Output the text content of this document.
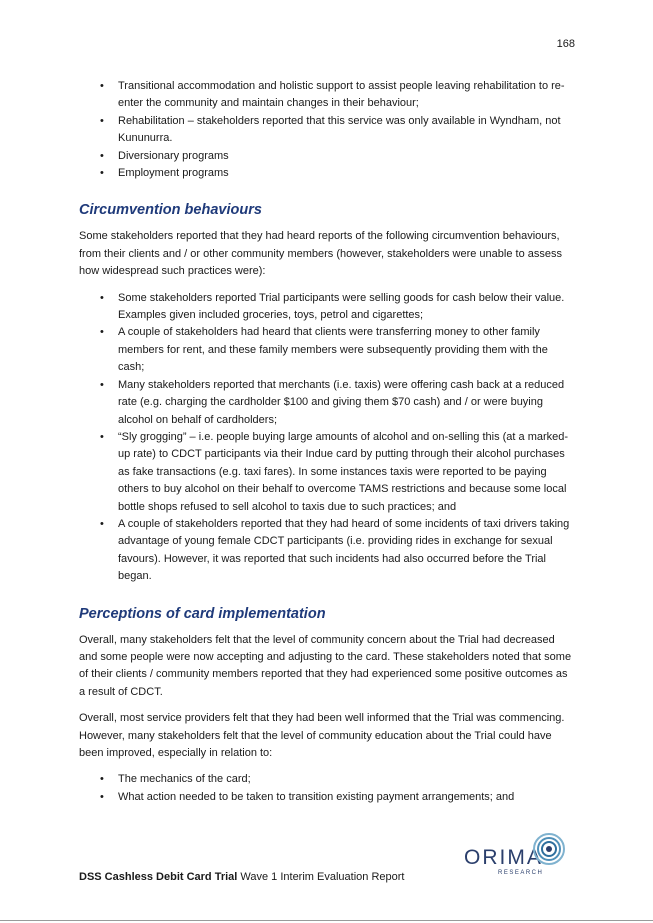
168
• Transitional accommodation and holistic support to assist people leaving rehabilitation to re-enter the community and maintain changes in their behaviour;
• Rehabilitation – stakeholders reported that this service was only available in Wyndham, not Kununurra.
• Diversionary programs
• Employment programs
Circumvention behaviours

Some stakeholders reported that they had heard reports of the following circumvention behaviours, from their clients and / or other community members (however, stakeholders were unable to assess how widespread such practices were):

• Some stakeholders reported Trial participants were selling goods for cash below their value. Examples given included groceries, toys, petrol and cigarettes;
• A couple of stakeholders had heard that clients were transferring money to other family members for rent, and these family members were subsequently providing them with the cash;
• Many stakeholders reported that merchants (i.e. taxis) were offering cash back at a reduced rate (e.g. charging the cardholder $100 and giving them $70 cash) and / or were buying alcohol on behalf of cardholders;
• “Sly grogging” – i.e. people buying large amounts of alcohol and on-selling this (at a marked-up rate) to CDCT participants via their Indue card by putting through their alcohol purchases as fake transactions (e.g. taxi fares). In some instances taxis were reported to be paying others to buy alcohol on their behalf to overcome TAMS restrictions and because some local bottle shops refused to sell alcohol to taxis due to such practices; and
• A couple of stakeholders reported that they had heard of some incidents of taxi drivers taking advantage of young female CDCT participants (i.e. providing rides in exchange for sexual favours). However, it was reported that such incidents had also occurred before the Trial began.
Perceptions of card implementation

Overall, many stakeholders felt that the level of community concern about the Trial had decreased and some people were now accepting and adjusting to the card. These stakeholders noted that some of their clients / community members reported that they had experienced some positive outcomes as a result of CDCT.

Overall, most service providers felt that they had been well informed that the Trial was commencing. However, many stakeholders felt that the level of community education about the Trial could have been improved, especially in relation to:

• The mechanics of the card;
• What action needed to be taken to transition existing payment arrangements; and
ORIMA
RESEARCH
DSS Cashless Debit Card Trial Wave 1 Interim Evaluation Report
